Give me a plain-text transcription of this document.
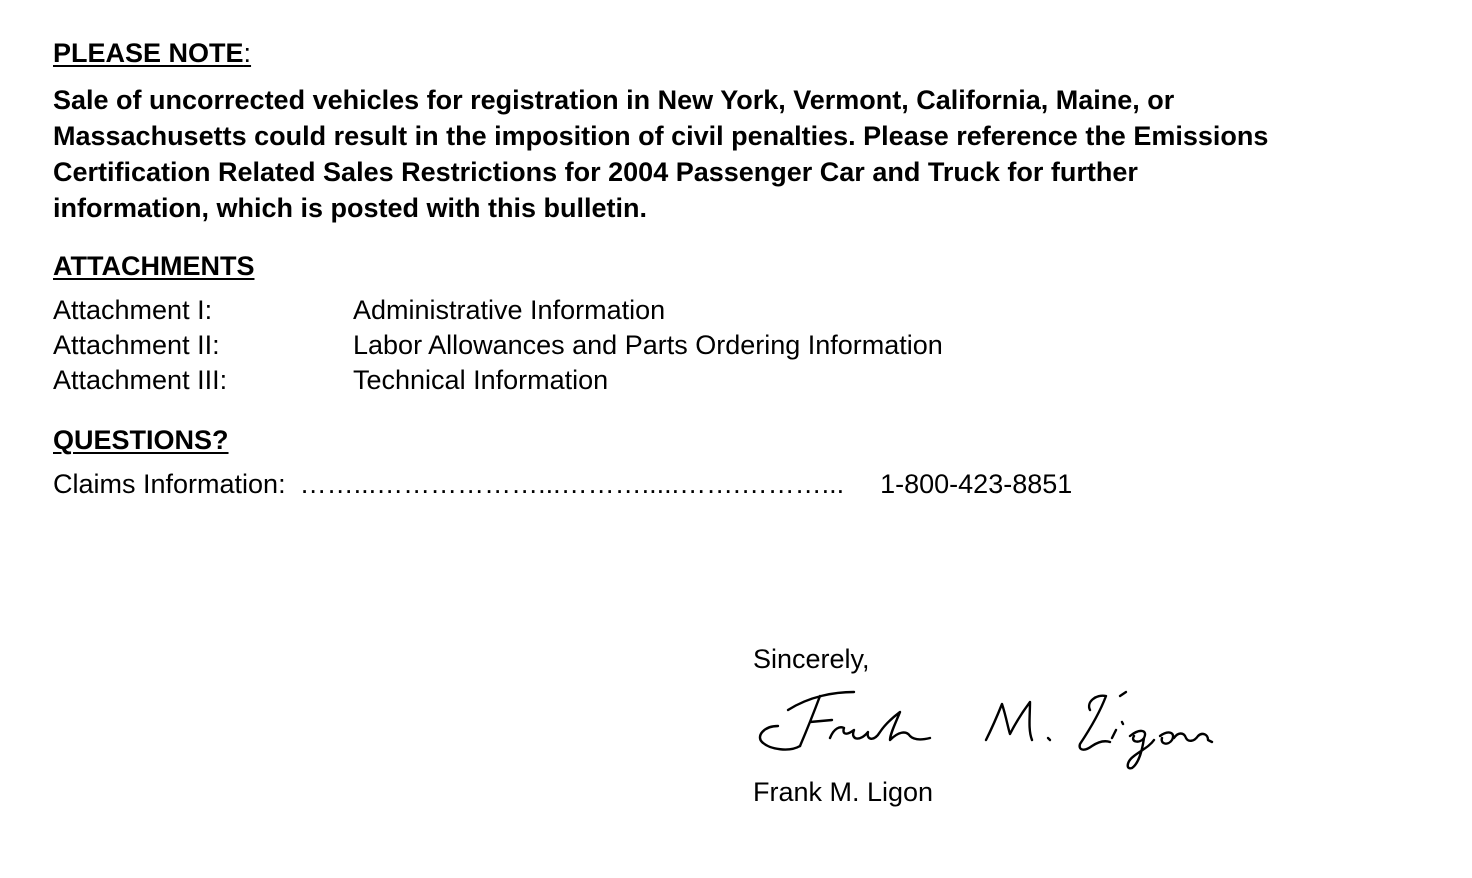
PLEASE NOTE:

Sale of uncorrected vehicles for registration in New York, Vermont, California, Maine, or
Massachusetts could result in the imposition of civil penalties. Please reference the Emissions
Certification Related Sales Restrictions for 2004 Passenger Car and Truck for further
information, which is posted with this bulletin.

ATTACHMENTS
Attachment I:	Administrative Information
Attachment II:	Labor Allowances and Parts Ordering Information
Attachment III:	Technical Information
QUESTIONS?
Claims Information: ……...………………...……….....…….………... 1-800-423-8851
Sincerely,
Frank M. Ligon
